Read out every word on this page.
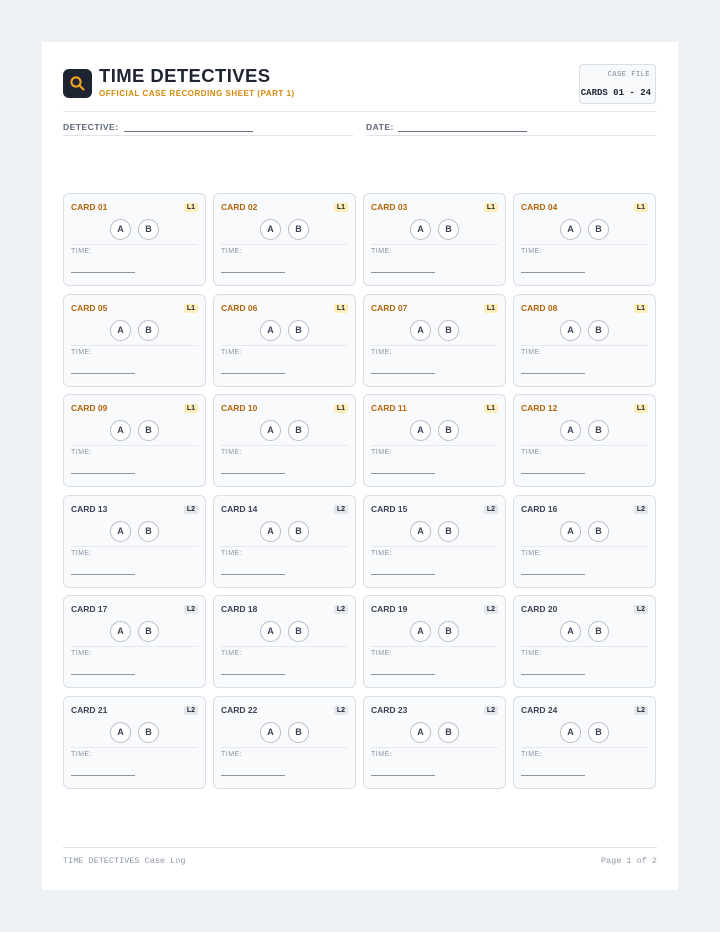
TIME DETECTIVES
OFFICIAL CASE RECORDING SHEET (PART 1)
CASE FILE
CARDS 01 - 24
DETECTIVE:	DATE:
CARD 01	L1
A	B
TIME:
CARD 02	L1
A	B
TIME:
CARD 03	L1
A	B
TIME:
CARD 04	L1
A	B
TIME:
CARD 05	L1
A	B
TIME:
CARD 06	L1
A	B
TIME:
CARD 07	L1
A	B
TIME:
CARD 08	L1
A	B
TIME:
CARD 09	L1
A	B
TIME:
CARD 10	L1
A	B
TIME:
CARD 11	L1
A	B
TIME:
CARD 12	L1
A	B
TIME:
CARD 13	L2
A	B
TIME:
CARD 14	L2
A	B
TIME:
CARD 15	L2
A	B
TIME:
CARD 16	L2
A	B
TIME:
CARD 17	L2
A	B
TIME:
CARD 18	L2
A	B
TIME:
CARD 19	L2
A	B
TIME:
CARD 20	L2
A	B
TIME:
CARD 21	L2
A	B
TIME:
CARD 22	L2
A	B
TIME:
CARD 23	L2
A	B
TIME:
CARD 24	L2
A	B
TIME:
TIME DETECTIVES Case Log	Page 1 of 2
